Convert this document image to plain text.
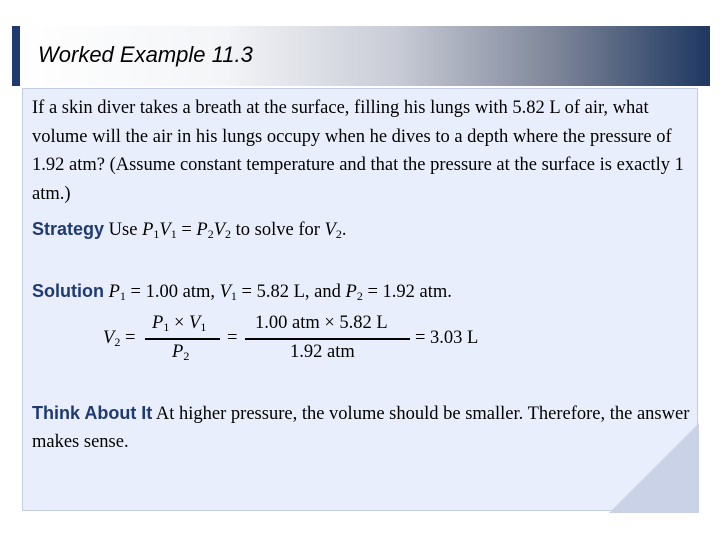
Worked Example 11.3
If a skin diver takes a breath at the surface, filling his lungs with 5.82 L of air, what volume will the air in his lungs occupy when he dives to a depth where the pressure of 1.92 atm? (Assume constant temperature and that the pressure at the surface is exactly 1 atm.)
Strategy Use $P_1V_1 = P_2V_2$ to solve for $V_2$.
Solution $P_1 = 1.00$ atm, $V_1 = 5.82$ L, and $P_2 = 1.92$ atm.
$V_2$ =
$P_1 \times V_1$
$P_2$
=
1.00 atm × 5.82 L
1.92 atm
= 3.03 L
Think About It At higher pressure, the volume should be smaller. Therefore, the answer makes sense.
